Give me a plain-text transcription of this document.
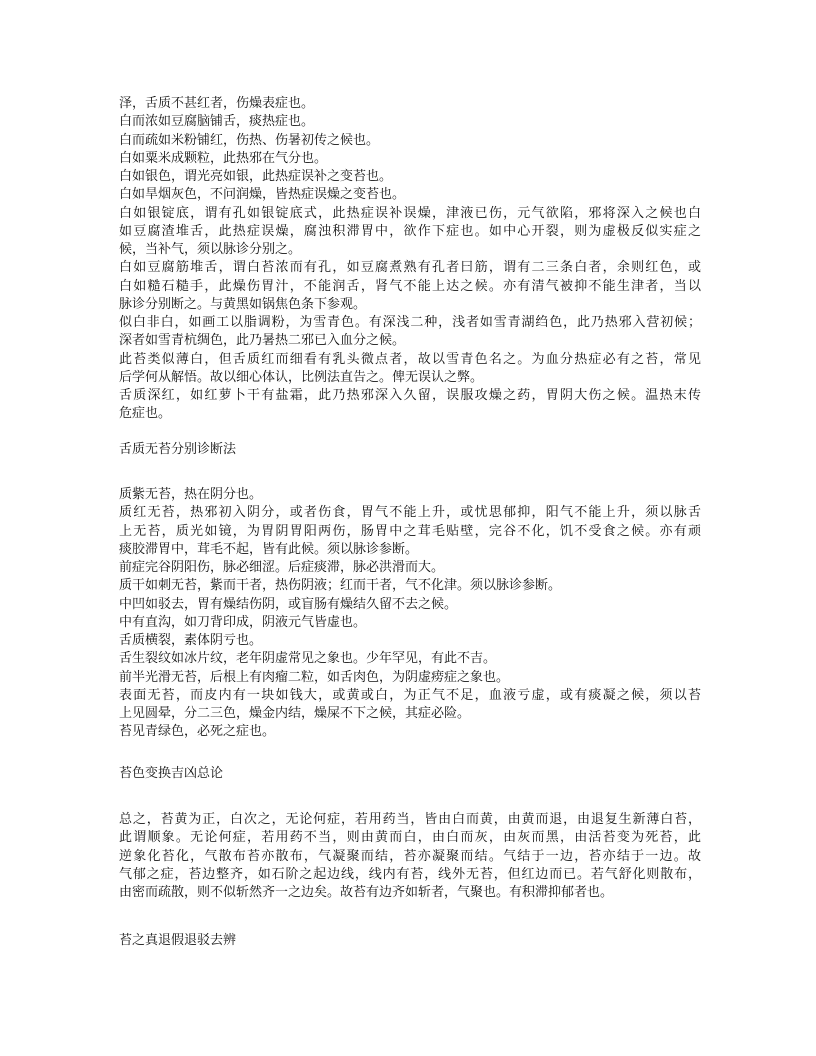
泽，舌质不甚红者，伤燥表症也。
白而浓如豆腐脑铺舌，痰热症也。
白而疏如米粉铺红，伤热、伤暑初传之候也。
白如粟米成颗粒，此热邪在气分也。
白如银色，谓光亮如银，此热症误补之变苔也。
白如旱烟灰色，不问润燥，皆热症误燥之变苔也。
白如银锭底，谓有孔如银锭底式，此热症误补误燥，津液已伤，元气欲陷，邪将深入之候也白
如豆腐渣堆舌，此热症误燥，腐浊积滞胃中，欲作下症也。如中心开裂，则为虚极反似实症之
候，当补气，须以脉诊分别之。
白如豆腐筋堆舌，谓白苔浓而有孔，如豆腐煮熟有孔者曰筋，谓有二三条白者，余则红色，或
白如糙石糙手，此燥伤胃汁，不能润舌，肾气不能上达之候。亦有清气被抑不能生津者，当以
脉诊分别断之。与黄黑如锅焦色条下参观。
似白非白，如画工以脂调粉，为雪青色。有深浅二种，浅者如雪青湖绉色，此乃热邪入营初候；
深者如雪青杭绸色，此乃暑热二邪已入血分之候。
此苔类似薄白，但舌质红而细看有乳头微点者，故以雪青色名之。为血分热症必有之苔，常见
后学何从解悟。故以细心体认，比例法直告之。俾无误认之弊。
舌质深红，如红萝卜干有盐霜，此乃热邪深入久留，误服攻燥之药，胃阴大伤之候。温热末传
危症也。
舌质无苔分别诊断法
质紫无苔，热在阴分也。
质红无苔，热邪初入阴分，或者伤食，胃气不能上升，或忧思郁抑，阳气不能上升，须以脉舌
上无苔，质光如镜，为胃阴胃阳两伤，肠胃中之茸毛贴壁，完谷不化，饥不受食之候。亦有顽
痰胶滞胃中，茸毛不起，皆有此候。须以脉诊参断。
前症完谷阴阳伤，脉必细涩。后症痰滞，脉必洪滑而大。
质干如刺无苔，紫而干者，热伤阴液；红而干者，气不化津。须以脉诊参断。
中凹如驳去，胃有燥结伤阴，或盲肠有燥结久留不去之候。
中有直沟，如刀背印成，阴液元气皆虚也。
舌质横裂，素体阴亏也。
舌生裂纹如冰片纹，老年阴虚常见之象也。少年罕见，有此不吉。
前半光滑无苔，后根上有肉瘤二粒，如舌肉色，为阴虚痨症之象也。
表面无苔，而皮内有一块如钱大，或黄或白，为正气不足，血液亏虚，或有痰凝之候，须以苔
上见圆晕，分二三色，燥金内结，燥屎不下之候，其症必险。
苔见青绿色，必死之症也。
苔色变换吉凶总论
总之，苔黄为正，白次之，无论何症，若用药当，皆由白而黄，由黄而退，由退复生新薄白苔，
此谓顺象。无论何症，若用药不当，则由黄而白，由白而灰，由灰而黑，由活苔变为死苔，此
逆象化苔化，气散布苔亦散布，气凝聚而结，苔亦凝聚而结。气结于一边，苔亦结于一边。故
气郁之症，苔边整齐，如石阶之起边线，线内有苔，线外无苔，但红边而已。若气舒化则散布，
由密而疏散，则不似斩然齐一之边矣。故苔有边齐如斩者，气聚也。有积滞抑郁者也。
苔之真退假退驳去辨
